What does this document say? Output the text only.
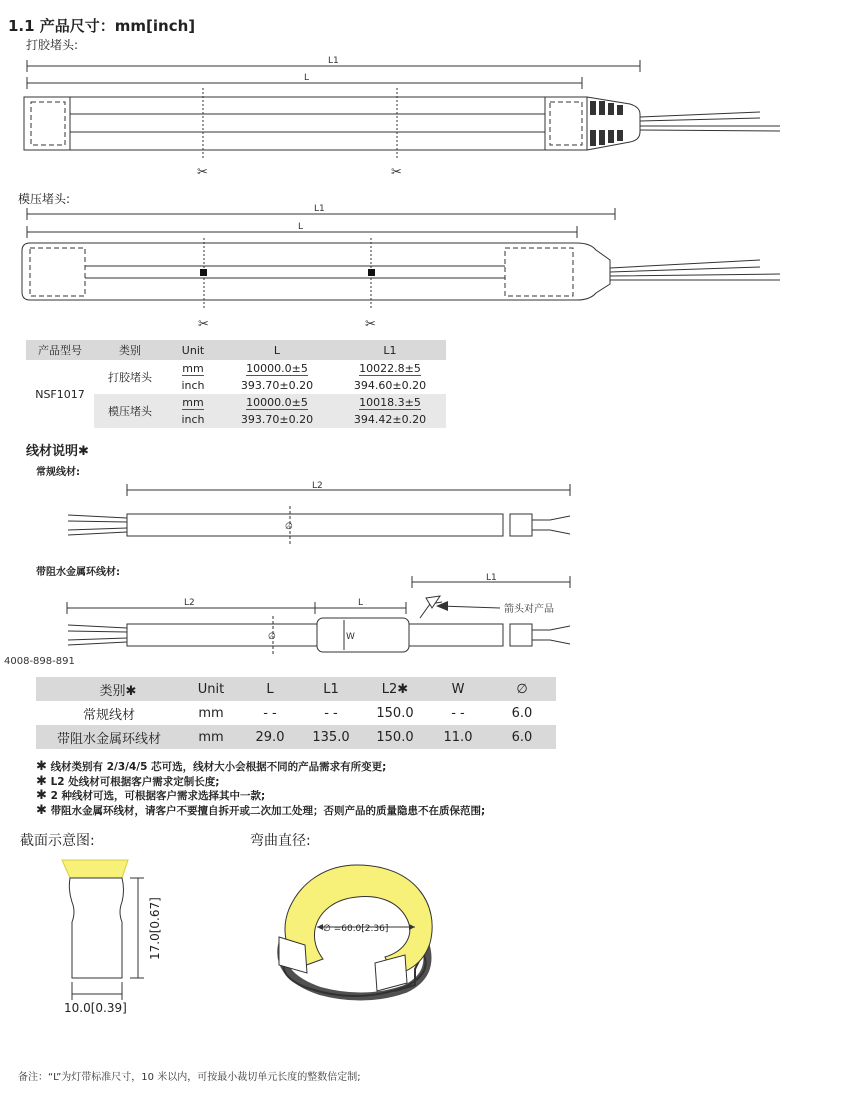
1.1 产品尺寸：mm[inch]
打胶堵头:
L1
L
✂	✂
模压堵头:
L1
L
✂	✂
产品型号	类别	Unit	L	L1
NSF1017	打胶堵头	mm	10000.0±5	10022.8±5
		inch	393.70±0.20	394.60±0.20
	模压堵头	mm	10000.0±5	10018.3±5
		inch	393.70±0.20	394.42±0.20
线材说明✱
常规线材:
L2
∅
带阻水金属环线材:	L1
L2	L
W
∅
箭头对产品
4008-898-891
类别✱	Unit	L	L1	L2✱	W	∅
常规线材	mm	- -	- -	150.0	- -	6.0
带阻水金属环线材	mm	29.0	135.0	150.0	11.0	6.0
✱ 线材类别有 2/3/4/5 芯可选，线材大小会根据不同的产品需求有所变更;
✱ L2 处线材可根据客户需求定制长度;
✱ 2 种线材可选，可根据客户需求选择其中一款;
✱ 带阻水金属环线材，请客户不要擅自拆开或二次加工处理；否则产品的质量隐患不在质保范围;
截面示意图:
17.0[0.67]
10.0[0.39]
弯曲直径:
∅ =60.0[2.36]
备注：“L”为灯带标准尺寸，10 米以内，可按最小裁切单元长度的整数倍定制;
